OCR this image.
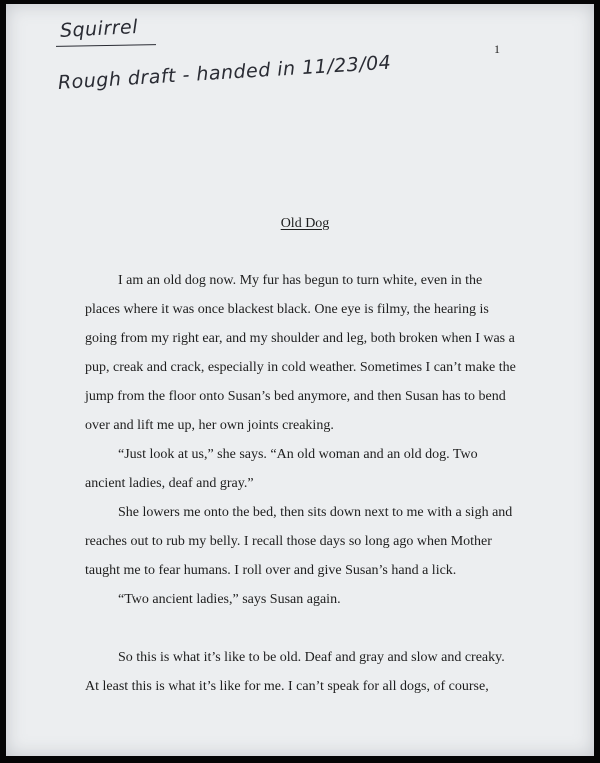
Squirrel
Rough draft - handed in 11/23/04
1
Old Dog
I am an old dog now. My fur has begun to turn white, even in the
places where it was once blackest black. One eye is filmy, the hearing is
going from my right ear, and my shoulder and leg, both broken when I was a
pup, creak and crack, especially in cold weather. Sometimes I can’t make the
jump from the floor onto Susan’s bed anymore, and then Susan has to bend
over and lift me up, her own joints creaking.
“Just look at us,” she says. “An old woman and an old dog. Two
ancient ladies, deaf and gray.”
She lowers me onto the bed, then sits down next to me with a sigh and
reaches out to rub my belly. I recall those days so long ago when Mother
taught me to fear humans. I roll over and give Susan’s hand a lick.
“Two ancient ladies,” says Susan again.
So this is what it’s like to be old. Deaf and gray and slow and creaky.
At least this is what it’s like for me. I can’t speak for all dogs, of course,
